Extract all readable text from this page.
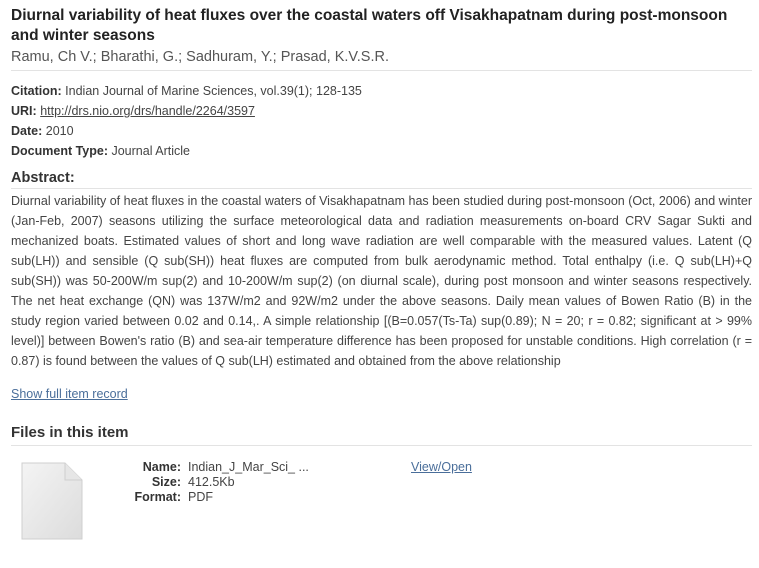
Diurnal variability of heat fluxes over the coastal waters off Visakhapatnam during post-monsoon and winter seasons
Ramu, Ch V.; Bharathi, G.; Sadhuram, Y.; Prasad, K.V.S.R.
Citation: Indian Journal of Marine Sciences, vol.39(1); 128-135
URI: http://drs.nio.org/drs/handle/2264/3597
Date: 2010
Document Type: Journal Article
Abstract:
Diurnal variability of heat fluxes in the coastal waters of Visakhapatnam has been studied during post-monsoon (Oct, 2006) and winter (Jan-Feb, 2007) seasons utilizing the surface meteorological data and radiation measurements on-board CRV Sagar Sukti and mechanized boats. Estimated values of short and long wave radiation are well comparable with the measured values. Latent (Q sub(LH)) and sensible (Q sub(SH)) heat fluxes are computed from bulk aerodynamic method. Total enthalpy (i.e. Q sub(LH)+Q sub(SH)) was 50-200W/m sup(2) and 10-200W/m sup(2) (on diurnal scale), during post monsoon and winter seasons respectively. The net heat exchange (QN) was 137W/m2 and 92W/m2 under the above seasons. Daily mean values of Bowen Ratio (B) in the study region varied between 0.02 and 0.14,. A simple relationship [(B=0.057(Ts-Ta) sup(0.89); N = 20; r = 0.82; significant at > 99% level)] between Bowen's ratio (B) and sea-air temperature difference has been proposed for unstable conditions. High correlation (r = 0.87) is found between the values of Q sub(LH) estimated and obtained from the above relationship
Show full item record
Files in this item
Name: Indian_J_Mar_Sci_ ...
Size: 412.5Kb
Format: PDF
View/Open
